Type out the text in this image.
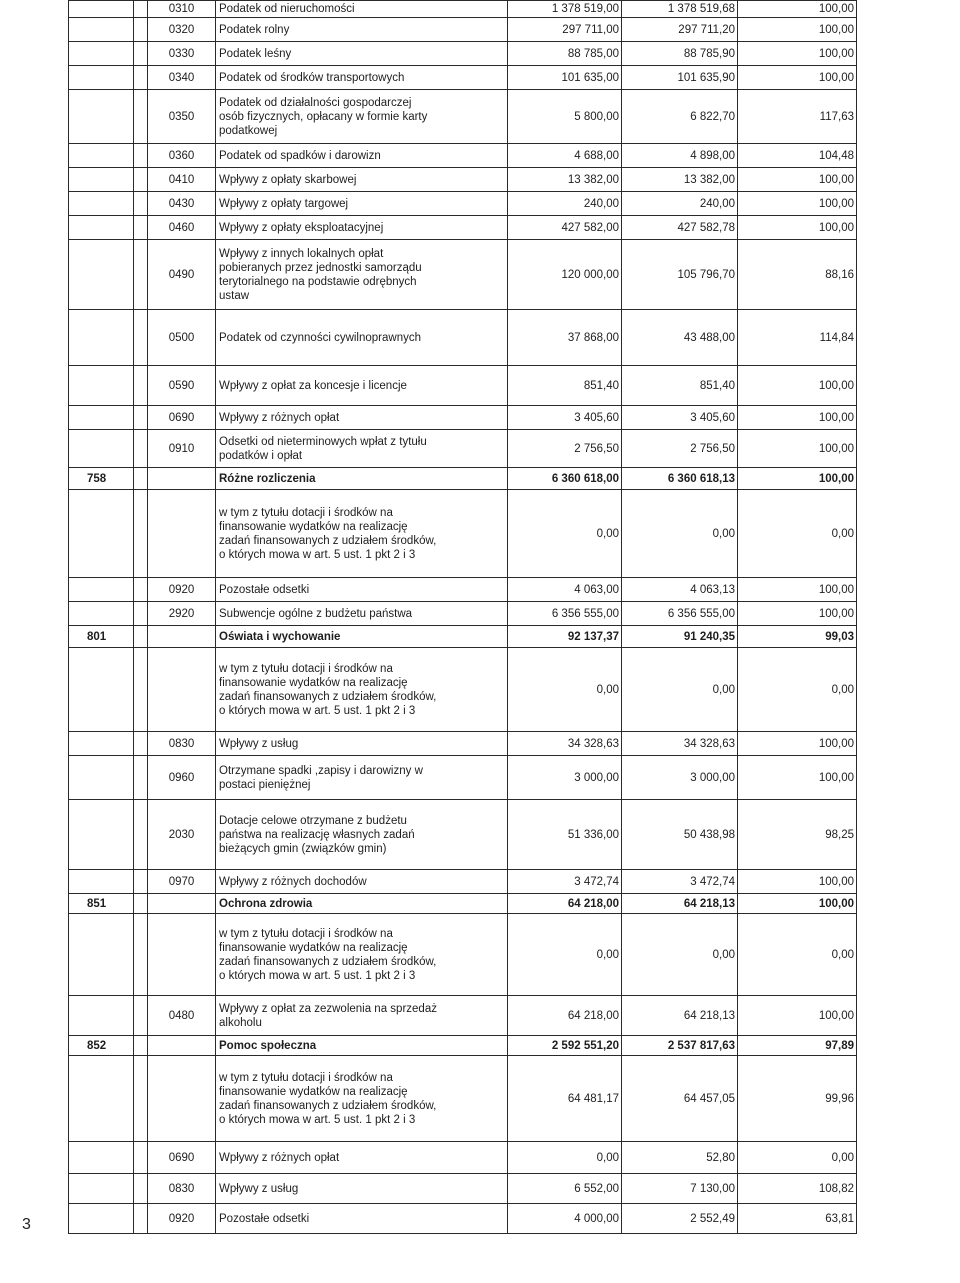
		0310	Podatek od nieruchomości	1 378 519,00	1 378 519,68	100,00
		0320	Podatek rolny	297 711,00	297 711,20	100,00
		0330	Podatek leśny	88 785,00	88 785,90	100,00
		0340	Podatek od środków transportowych	101 635,00	101 635,90	100,00
		0350	Podatek od działalności gospodarczej
osób fizycznych, opłacany w formie karty
podatkowej	5 800,00	6 822,70	117,63
		0360	Podatek od spadków i darowizn	4 688,00	4 898,00	104,48
		0410	Wpływy z opłaty skarbowej	13 382,00	13 382,00	100,00
		0430	Wpływy z opłaty targowej	240,00	240,00	100,00
		0460	Wpływy z opłaty eksploatacyjnej	427 582,00	427 582,78	100,00
		0490	Wpływy z innych lokalnych opłat
pobieranych przez jednostki samorządu
terytorialnego na podstawie odrębnych
ustaw	120 000,00	105 796,70	88,16
		0500	Podatek od czynności cywilnoprawnych	37 868,00	43 488,00	114,84
		0590	Wpływy z opłat za koncesje i licencje	851,40	851,40	100,00
		0690	Wpływy z różnych opłat	3 405,60	3 405,60	100,00
		0910	Odsetki od nieterminowych wpłat z tytułu
podatków i opłat	2 756,50	2 756,50	100,00
758			Różne rozliczenia	6 360 618,00	6 360 618,13	100,00

			w tym z tytułu dotacji i środków na
finansowanie wydatków na realizację
zadań finansowanych z udziałem środków,
o których mowa w art. 5 ust. 1 pkt 2 i 3	0,00	0,00	0,00
		0920	Pozostałe odsetki	4 063,00	4 063,13	100,00
		2920	Subwencje ogólne z budżetu państwa	6 356 555,00	6 356 555,00	100,00
801			Oświata i wychowanie	92 137,37	91 240,35	99,03

			w tym z tytułu dotacji i środków na
finansowanie wydatków na realizację
zadań finansowanych z udziałem środków,
o których mowa w art. 5 ust. 1 pkt 2 i 3	0,00	0,00	0,00
		0830	Wpływy z usług	34 328,63	34 328,63	100,00
		0960	Otrzymane spadki ,zapisy i darowizny w
postaci pieniężnej	3 000,00	3 000,00	100,00
		2030	Dotacje celowe otrzymane z budżetu
państwa na realizację własnych zadań
bieżących gmin (związków gmin)	51 336,00	50 438,98	98,25
		0970	Wpływy z różnych dochodów	3 472,74	3 472,74	100,00
851			Ochrona zdrowia	64 218,00	64 218,13	100,00

			w tym z tytułu dotacji i środków na
finansowanie wydatków na realizację
zadań finansowanych z udziałem środków,
o których mowa w art. 5 ust. 1 pkt 2 i 3	0,00	0,00	0,00
		0480	Wpływy z opłat za zezwolenia na sprzedaż
alkoholu	64 218,00	64 218,13	100,00
852			Pomoc społeczna	2 592 551,20	2 537 817,63	97,89

			w tym z tytułu dotacji i środków na
finansowanie wydatków na realizację
zadań finansowanych z udziałem środków,
o których mowa w art. 5 ust. 1 pkt 2 i 3	64 481,17	64 457,05	99,96
		0690	Wpływy z różnych opłat	0,00	52,80	0,00
		0830	Wpływy z usług	6 552,00	7 130,00	108,82
		0920	Pozostałe odsetki	4 000,00	2 552,49	63,81
3
